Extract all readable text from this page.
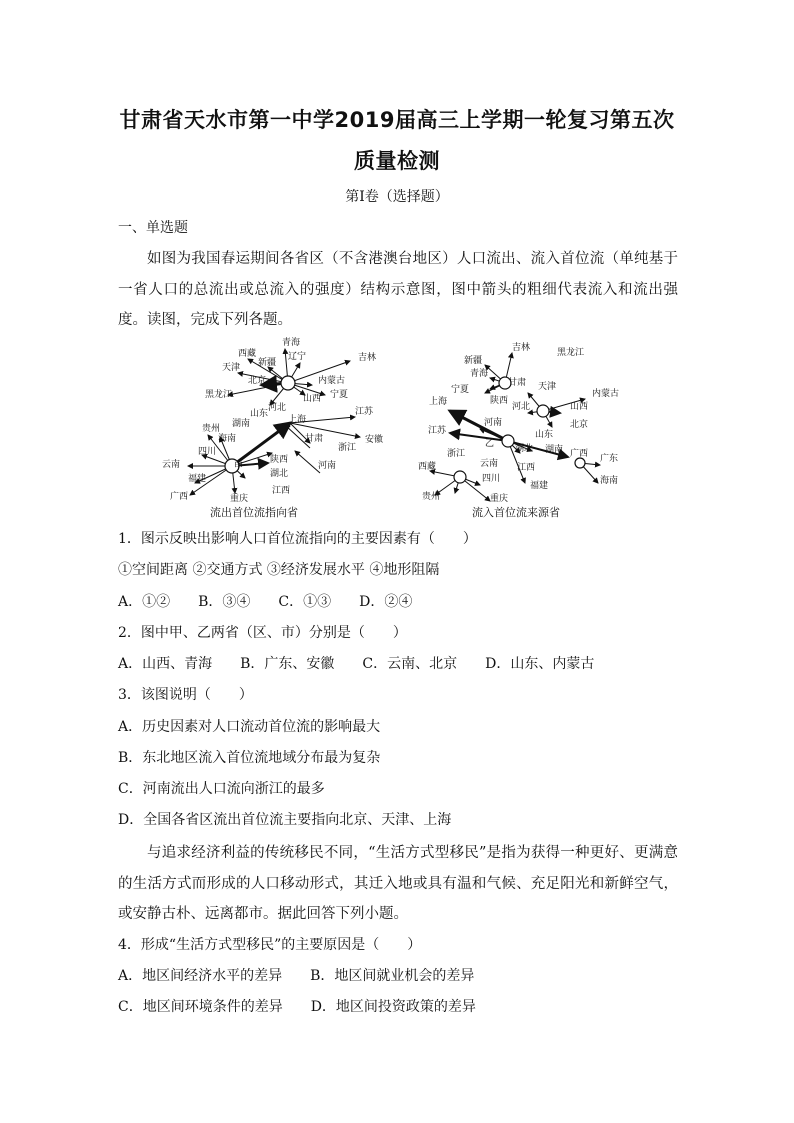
甘肃省天水市第一中学2019届高三上学期一轮复习第五次
质量检测
第Ⅰ卷（选择题）
一、单选题

如图为我国春运期间各省区（不含港澳台地区）人口流出、流入首位流（单纯基于一省人口的总流出或总流入的强度）结构示意图，图中箭头的粗细代表流入和流出强度。读图，完成下列各题。

青海
西藏
新疆
辽宁	吉林
天津
北京	内蒙古
黑龙江	宁夏
山西
山东
河北
上海
江苏
贵州 湖南
安徽
海南
四川
甘肃
浙江
云南	甲
陕西
河南
福建	湖北
广西	重庆
江西
吉林	黑龙江
新疆
青海
甘肃 天津
宁夏	内蒙古
陕西
河北	山西
上海
河南	北京
江苏
乙
山东
湖南
浙江	湖北	广西 广东
西藏	云南 江西
海南
四川
福建
贵州	重庆
流出首位流指向省	流入首位流来源省

1．图示反映出影响人口首位流指向的主要因素有（　　）

①空间距离 ②交通方式 ③经济发展水平 ④地形阻隔

A．①②　　B．③④　　C．①③　　D．②④

2．图中甲、乙两省（区、市）分别是（　　）

A．山西、青海　　B．广东、安徽　　C．云南、北京　　D．山东、内蒙古

3．该图说明（　　）

A．历史因素对人口流动首位流的影响最大

B．东北地区流入首位流地域分布最为复杂

C．河南流出人口流向浙江的最多

D．全国各省区流出首位流主要指向北京、天津、上海

与追求经济利益的传统移民不同，“生活方式型移民”是指为获得一种更好、更满意的生活方式而形成的人口移动形式，其迁入地或具有温和气候、充足阳光和新鲜空气，或安静古朴、远离都市。据此回答下列小题。

4．形成“生活方式型移民”的主要原因是（　　）

A．地区间经济水平的差异　　B．地区间就业机会的差异

C．地区间环境条件的差异　　D．地区间投资政策的差异
